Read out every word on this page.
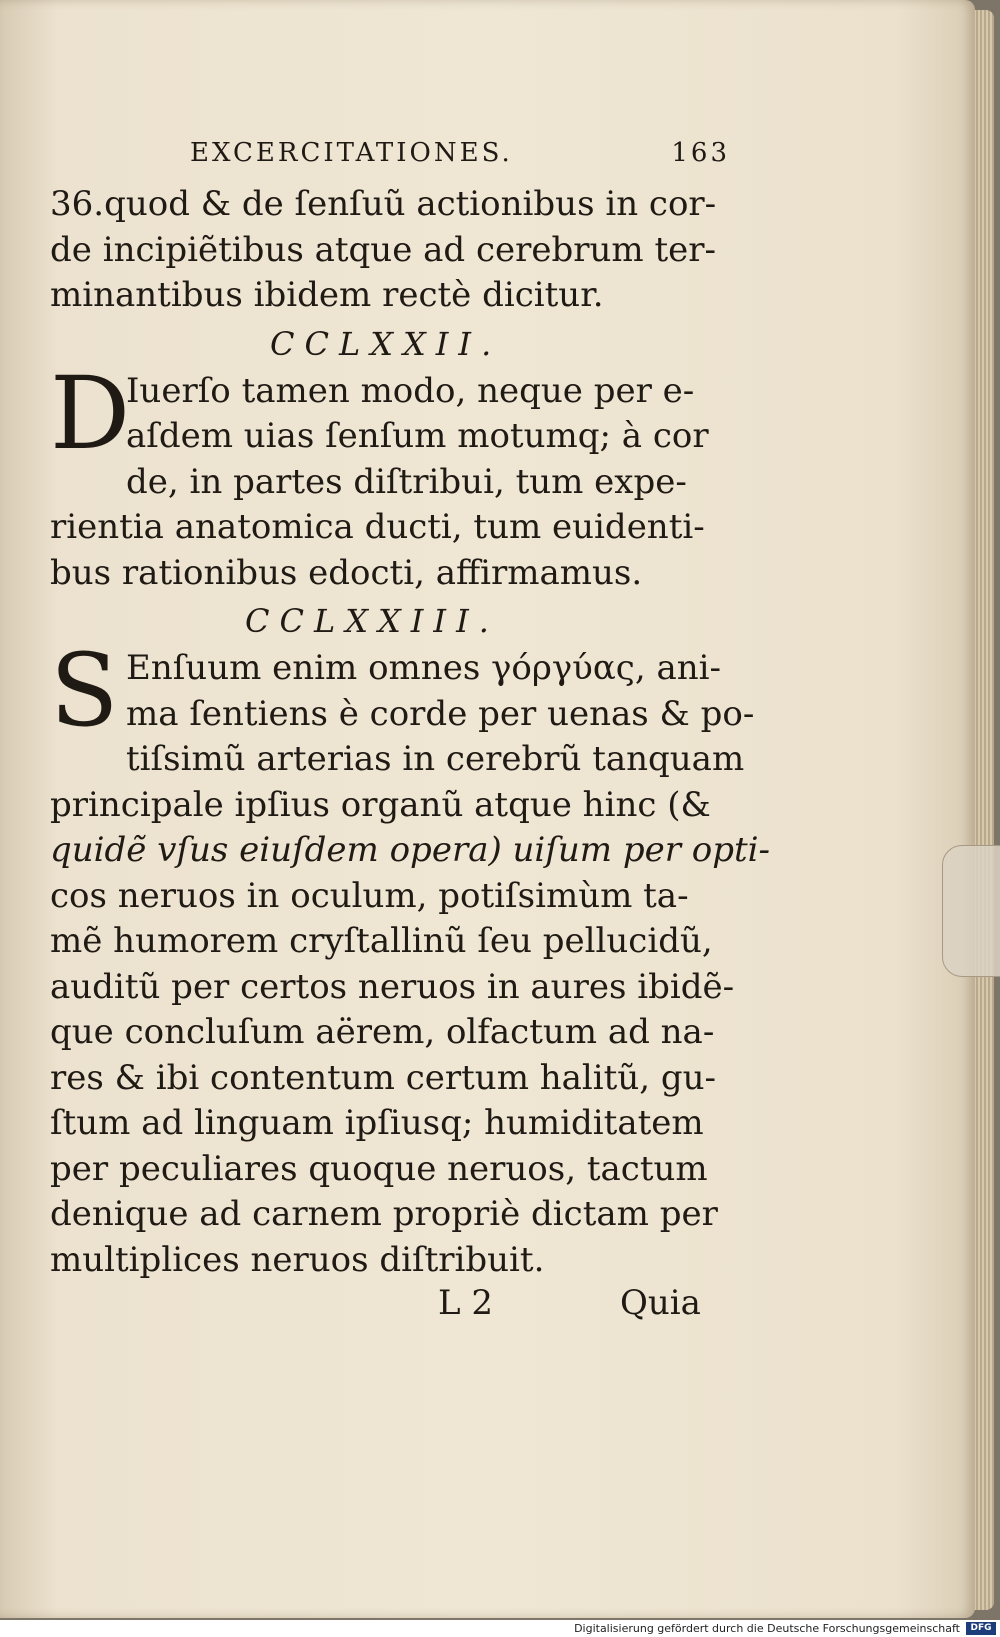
EXCERCITATIONES.	163
36.quod & de ſenſuũ actionibus in cor-
de incipiẽtibus atque ad cerebrum ter-
minantibus ibidem rectè dicitur.
CCLXXII.
D
Iuerſo tamen modo, neque per e-
aſdem uias ſenſum motumq; à cor
de, in partes diſtribui, tum expe-
rientia anatomica ducti, tum euidenti-
bus rationibus edocti, affirmamus.
CCLXXIII.
S Enſuum enim omnes γόργύας, ani-
ma ſentiens è corde per uenas & po-
tiſsimũ arterias in cerebrũ tanquam
principale ipſius organũ atque hinc (&
quidẽ vſus eiuſdem opera) uiſum per opti-
cos neruos in oculum, potiſsimùm ta-
mẽ humorem cryſtallinũ ſeu pellucidũ,
auditũ per certos neruos in aures ibidẽ-
que concluſum aërem, olfactum ad na-
res & ibi contentum certum halitũ, gu-
ſtum ad linguam ipſiusq; humiditatem
per peculiares quoque neruos, tactum
denique ad carnem propriè dictam per
multiplices neruos diſtribuit.
L 2	Quia
Digitalisierung gefördert durch die Deutsche Forschungsgemeinschaft	DFG
